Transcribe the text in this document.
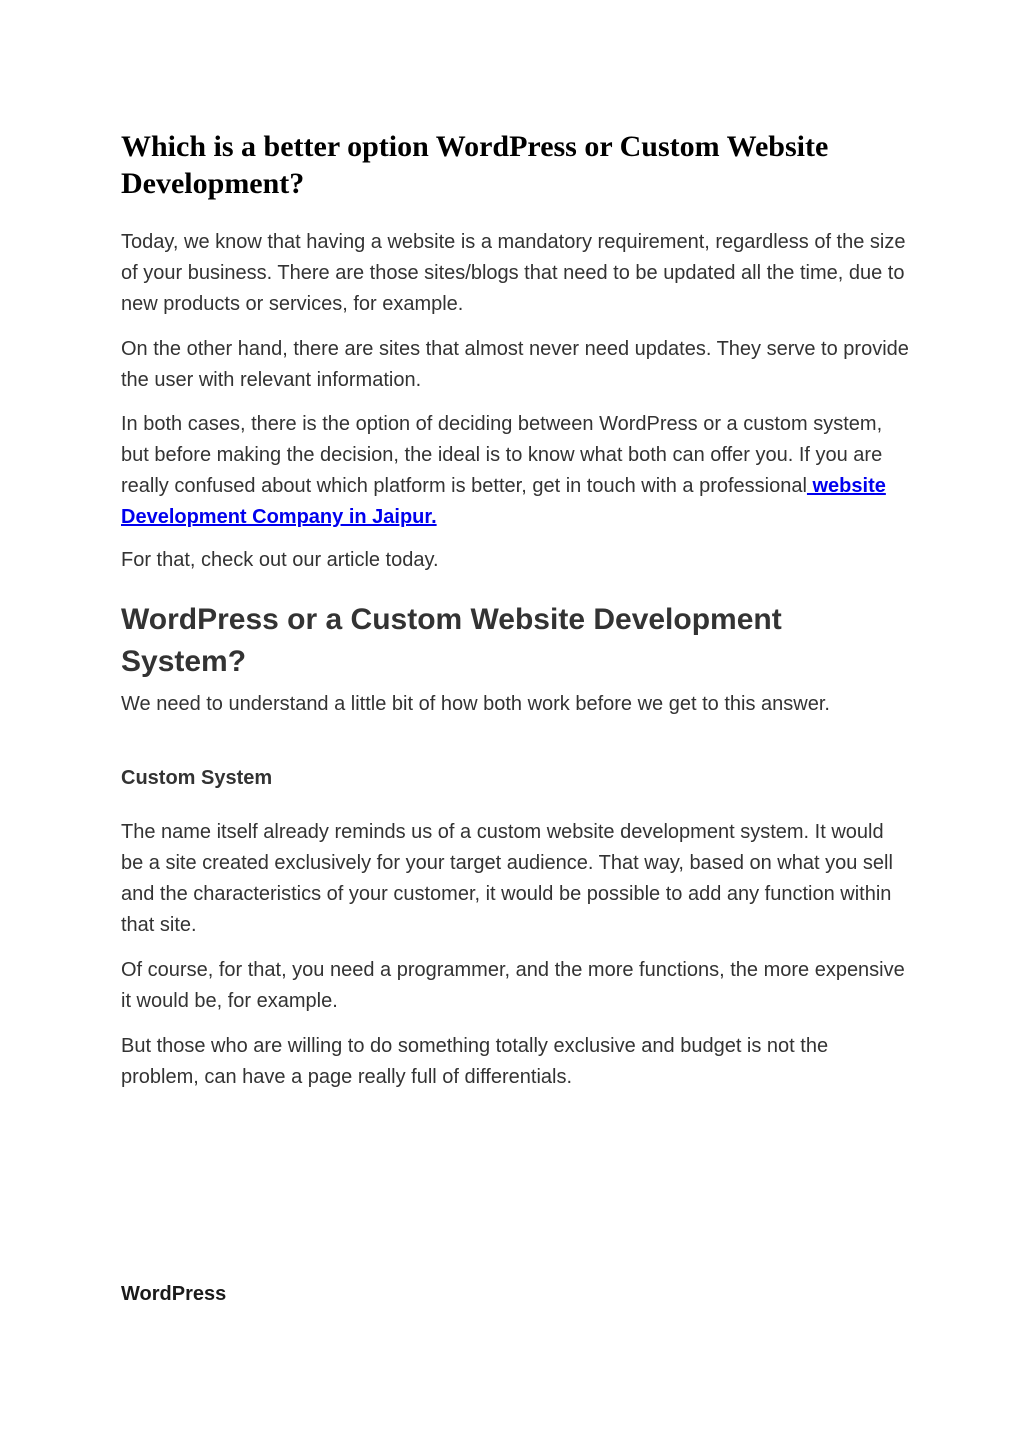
Which is a better option WordPress or Custom Website Development?

Today, we know that having a website is a mandatory requirement, regardless of the size of your business. There are those sites/blogs that need to be updated all the time, due to new products or services, for example.

On the other hand, there are sites that almost never need updates. They serve to provide the user with relevant information.

In both cases, there is the option of deciding between WordPress or a custom system, but before making the decision, the ideal is to know what both can offer you. If you are really confused about which platform is better, get in touch with a professional website Development Company in Jaipur.

For that, check out our article today.

WordPress or a Custom Website Development System?

We need to understand a little bit of how both work before we get to this answer.

Custom System

The name itself already reminds us of a custom website development system. It would be a site created exclusively for your target audience. That way, based on what you sell and the characteristics of your customer, it would be possible to add any function within that site.

Of course, for that, you need a programmer, and the more functions, the more expensive it would be, for example.

But those who are willing to do something totally exclusive and budget is not the problem, can have a page really full of differentials.

WordPress
